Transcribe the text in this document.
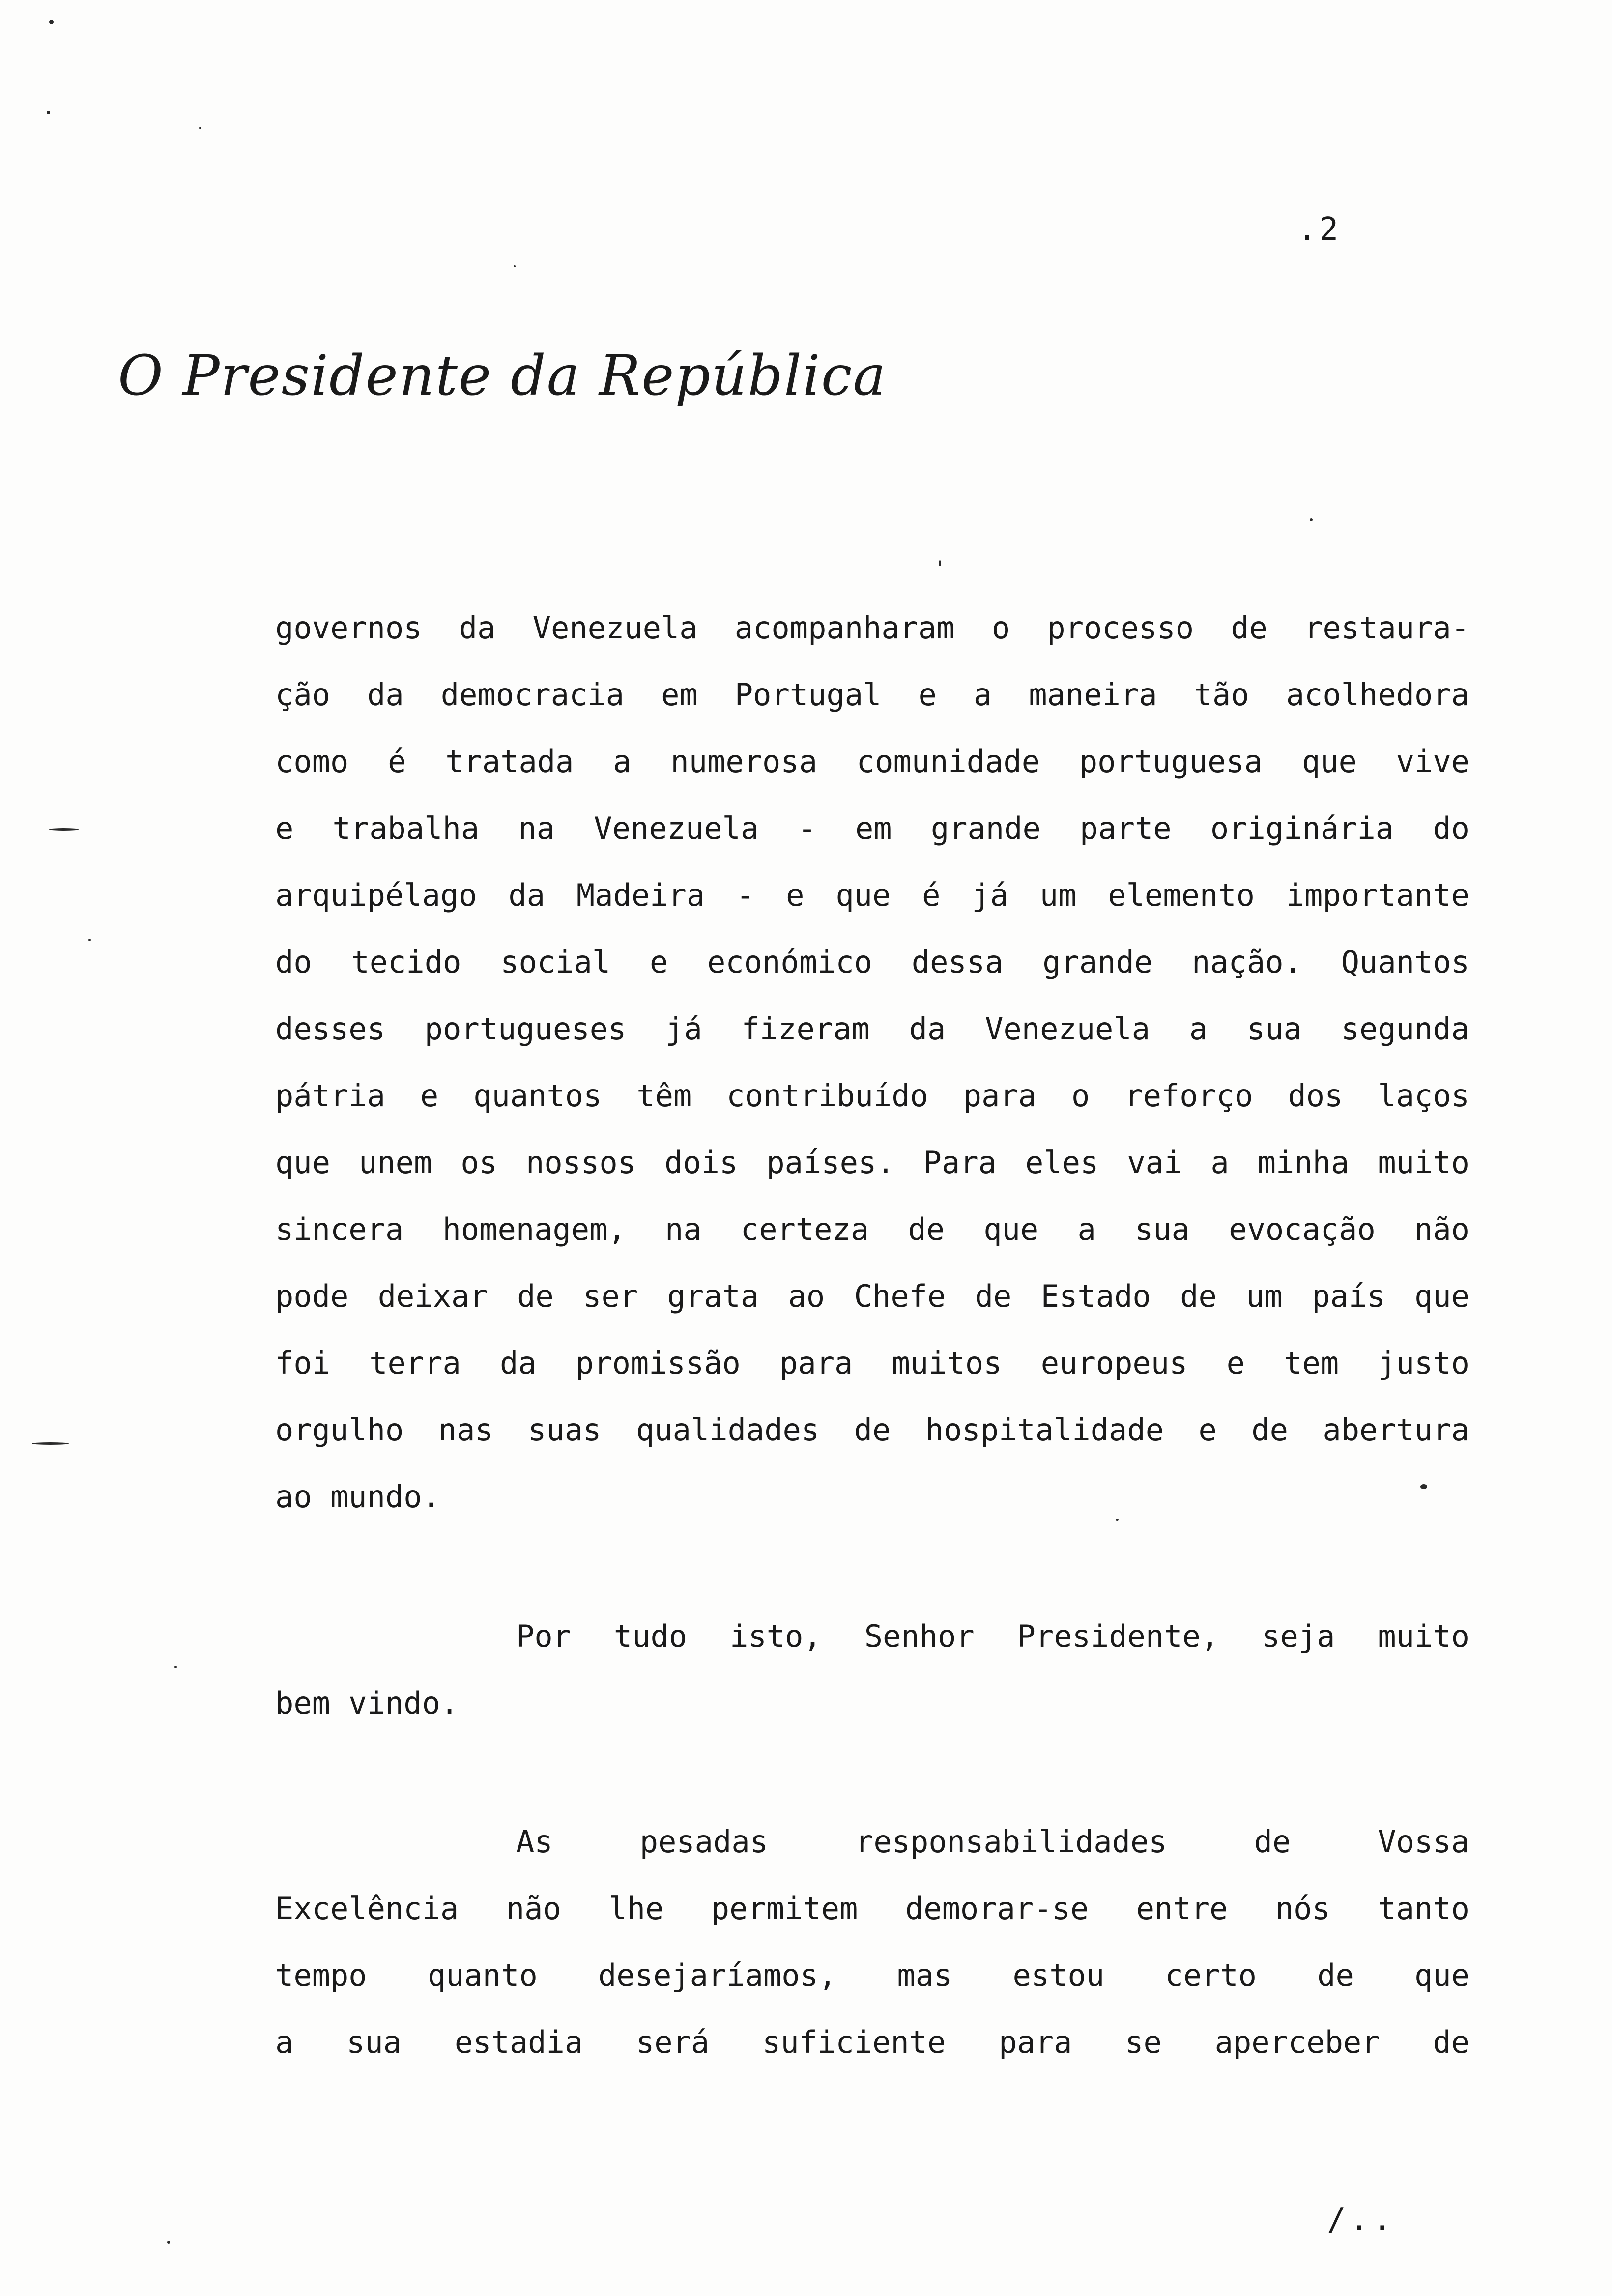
.2
O Presidente da República
governos da Venezuela acompanharam o processo de restaura-
ção da democracia em Portugal e a maneira tão acolhedora
como é tratada a numerosa comunidade portuguesa que vive
e trabalha na Venezuela - em grande parte originária do
arquipélago da Madeira - e que é já um elemento importante
do tecido social e económico dessa grande nação. Quantos
desses portugueses já fizeram da Venezuela a sua segunda
pátria e quantos têm contribuído para o reforço dos laços
que unem os nossos dois países. Para eles vai a minha muito
sincera homenagem, na certeza de que a sua evocação não
pode deixar de ser grata ao Chefe de Estado de um país que
foi terra da promissão para muitos europeus e tem justo
orgulho nas suas qualidades de hospitalidade e de abertura
ao mundo.
Por tudo isto, Senhor Presidente, seja muito
bem vindo.
As pesadas responsabilidades de Vossa
Excelência não lhe permitem demorar-se entre nós tanto
tempo quanto desejaríamos, mas estou certo de que
a sua estadia será suficiente para se aperceber de
/..
